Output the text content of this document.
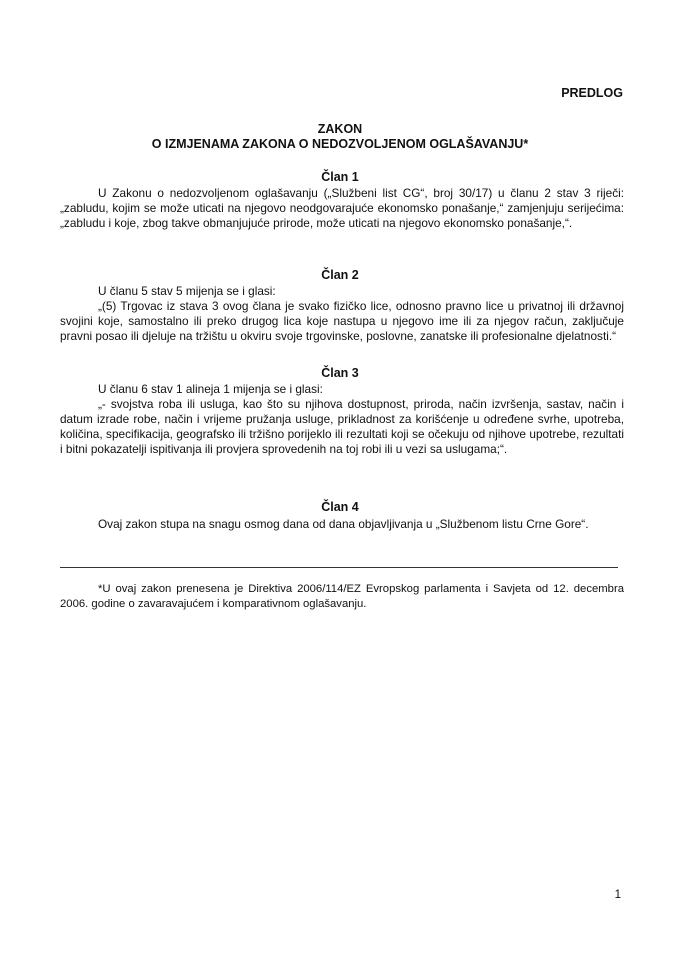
PREDLOG
ZAKON
O IZMJENAMA ZAKONA O NEDOZVOLJENOM OGLAŠAVANJU*
Član 1

U Zakonu o nedozvoljenom oglašavanju („Službeni list CG“, broj 30/17) u članu 2 stav 3 riječi: „zabludu, kojim se može uticati na njegovo neodgovarajuće ekonomsko ponašanje,“ zamjenjuju serijećima: „zabludu i koje, zbog takve obmanjujuće prirode, može uticati na njegovo ekonomsko ponašanje,“.

Član 2

U članu 5 stav 5 mijenja se i glasi:

„(5) Trgovac iz stava 3 ovog člana je svako fizičko lice, odnosno pravno lice u privatnoj ili državnoj svojini koje, samostalno ili preko drugog lica koje nastupa u njegovo ime ili za njegov račun, zaključuje pravni posao ili djeluje na tržištu u okviru svoje trgovinske, poslovne, zanatske ili profesionalne djelatnosti.“

Član 3

U članu 6 stav 1 alineja 1 mijenja se i glasi:

„- svojstva roba ili usluga, kao što su njihova dostupnost, priroda, način izvršenja, sastav, način i datum izrade robe, način i vrijeme pružanja usluge, prikladnost za korišćenje u određene svrhe, upotreba, količina, specifikacija, geografsko ili tržišno porijeklo ili rezultati koji se očekuju od njihove upotrebe, rezultati i bitni pokazatelji ispitivanja ili provjera sprovedenih na toj robi ili u vezi sa uslugama;“.

Član 4

Ovaj zakon stupa na snagu osmog dana od dana objavljivanja u „Službenom listu Crne Gore“.

*U ovaj zakon prenesena je Direktiva 2006/114/EZ Evropskog parlamenta i Savjeta od 12. decembra 2006. godine o zavaravajućem i komparativnom oglašavanju.

1
